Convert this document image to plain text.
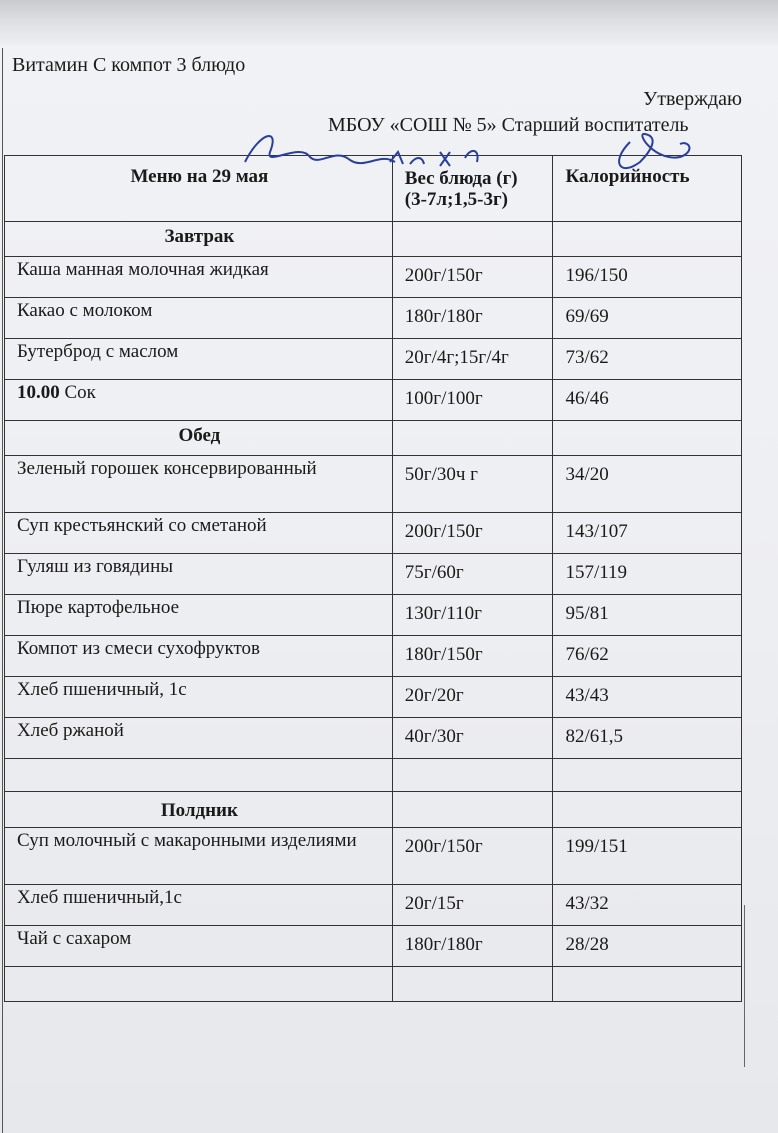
Витамин С компот 3 блюдо
Утверждаю
МБОУ «СОШ № 5» Старший воспитатель
Меню на 29 мая	Вес блюда (г) (3-7л;1,5-3г)	Калорийность
Завтрак		
Каша манная молочная жидкая	200г/150г	196/150
Какао с молоком	180г/180г	69/69
Бутерброд с маслом	20г/4г;15г/4г	73/62
10.00 Сок	100г/100г	46/46
Обед		
Зеленый горошек консервированный	50г/30ч г	34/20
Суп крестьянский со сметаной	200г/150г	143/107
Гуляш из говядины	75г/60г	157/119
Пюре картофельное	130г/110г	95/81
Компот из смеси сухофруктов	180г/150г	76/62
Хлеб пшеничный, 1с	20г/20г	43/43
Хлеб ржаной	40г/30г	82/61,5

Полдник		
Суп молочный с макаронными изделиями	200г/150г	199/151
Хлеб пшеничный,1с	20г/15г	43/32
Чай с сахаром	180г/180г	28/28
